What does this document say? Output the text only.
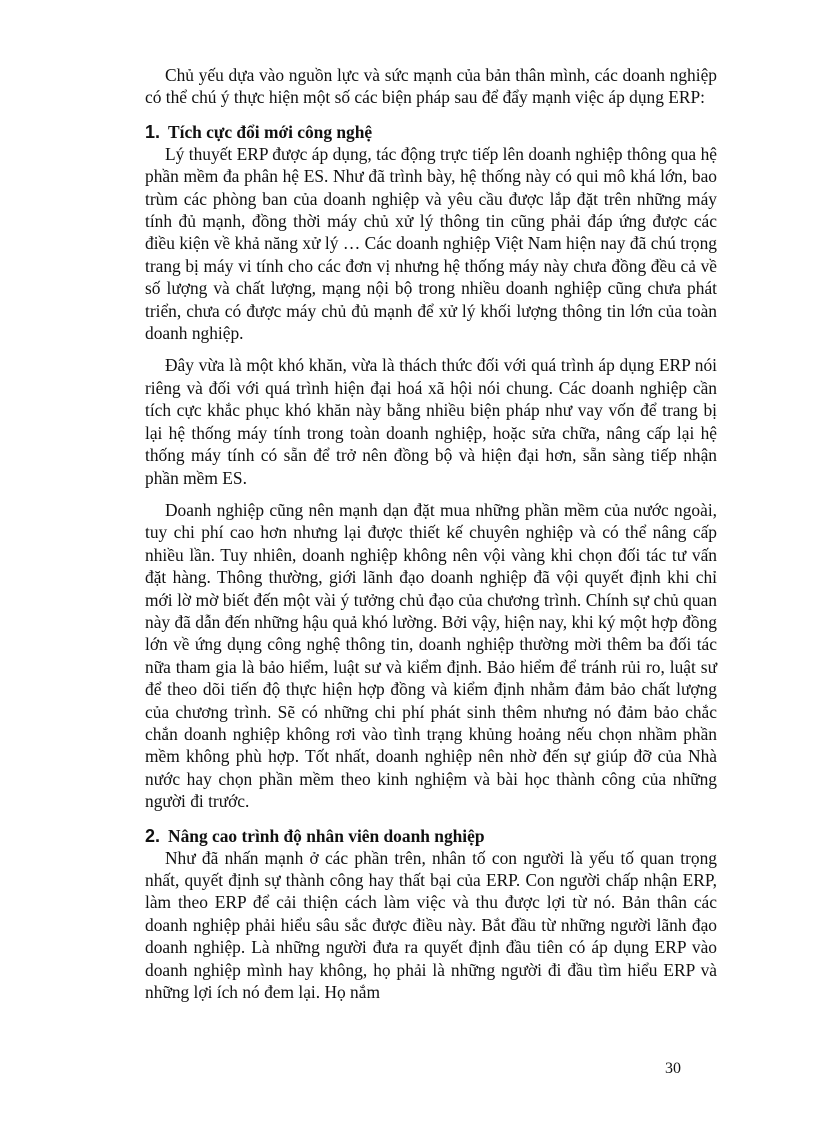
Chủ yếu dựa vào nguồn lực và sức mạnh của bản thân mình, các doanh nghiệp có thể chú ý thực hiện một số các biện pháp sau để đẩy mạnh việc áp dụng ERP:

1. Tích cực đổi mới công nghệ

Lý thuyết ERP được áp dụng, tác động trực tiếp lên doanh nghiệp thông qua hệ phần mềm đa phân hệ ES. Như đã trình bày, hệ thống này có qui mô khá lớn, bao trùm các phòng ban của doanh nghiệp và yêu cầu được lắp đặt trên những máy tính đủ mạnh, đồng thời máy chủ xử lý thông tin cũng phải đáp ứng được các điều kiện về khả năng xử lý … Các doanh nghiệp Việt Nam hiện nay đã chú trọng trang bị máy vi tính cho các đơn vị nhưng hệ thống máy này chưa đồng đều cả về số lượng và chất lượng, mạng nội bộ trong nhiều doanh nghiệp cũng chưa phát triển, chưa có được máy chủ đủ mạnh để xử lý khối lượng thông tin lớn của toàn doanh nghiệp.

Đây vừa là một khó khăn, vừa là thách thức đối với quá trình áp dụng ERP nói riêng và đối với quá trình hiện đại hoá xã hội nói chung. Các doanh nghiệp cần tích cực khắc phục khó khăn này bằng nhiều biện pháp như vay vốn để trang bị lại hệ thống máy tính trong toàn doanh nghiệp, hoặc sửa chữa, nâng cấp lại hệ thống máy tính có sẵn để trở nên đồng bộ và hiện đại hơn, sẵn sàng tiếp nhận phần mềm ES.

Doanh nghiệp cũng nên mạnh dạn đặt mua những phần mềm của nước ngoài, tuy chi phí cao hơn nhưng lại được thiết kế chuyên nghiệp và có thể nâng cấp nhiều lần. Tuy nhiên, doanh nghiệp không nên vội vàng khi chọn đối tác tư vấn đặt hàng. Thông thường, giới lãnh đạo doanh nghiệp đã vội quyết định khi chỉ mới lờ mờ biết đến một vài ý tưởng chủ đạo của chương trình. Chính sự chủ quan này đã dẫn đến những hậu quả khó lường. Bởi vậy, hiện nay, khi ký một hợp đồng lớn về ứng dụng công nghệ thông tin, doanh nghiệp thường mời thêm ba đối tác nữa tham gia là bảo hiểm, luật sư và kiểm định. Bảo hiểm để tránh rủi ro, luật sư để theo dõi tiến độ thực hiện hợp đồng và kiểm định nhằm đảm bảo chất lượng của chương trình. Sẽ có những chi phí phát sinh thêm nhưng nó đảm bảo chắc chắn doanh nghiệp không rơi vào tình trạng khủng hoảng nếu chọn nhầm phần mềm không phù hợp. Tốt nhất, doanh nghiệp nên nhờ đến sự giúp đỡ của Nhà nước hay chọn phần mềm theo kinh nghiệm và bài học thành công của những người đi trước.

2. Nâng cao trình độ nhân viên doanh nghiệp

Như đã nhấn mạnh ở các phần trên, nhân tố con người là yếu tố quan trọng nhất, quyết định sự thành công hay thất bại của ERP. Con người chấp nhận ERP, làm theo ERP để cải thiện cách làm việc và thu được lợi từ nó. Bản thân các doanh nghiệp phải hiểu sâu sắc được điều này. Bắt đầu từ những người lãnh đạo doanh nghiệp. Là những người đưa ra quyết định đầu tiên có áp dụng ERP vào doanh nghiệp mình hay không, họ phải là những người đi đầu tìm hiểu ERP và những lợi ích nó đem lại. Họ nắm

30
